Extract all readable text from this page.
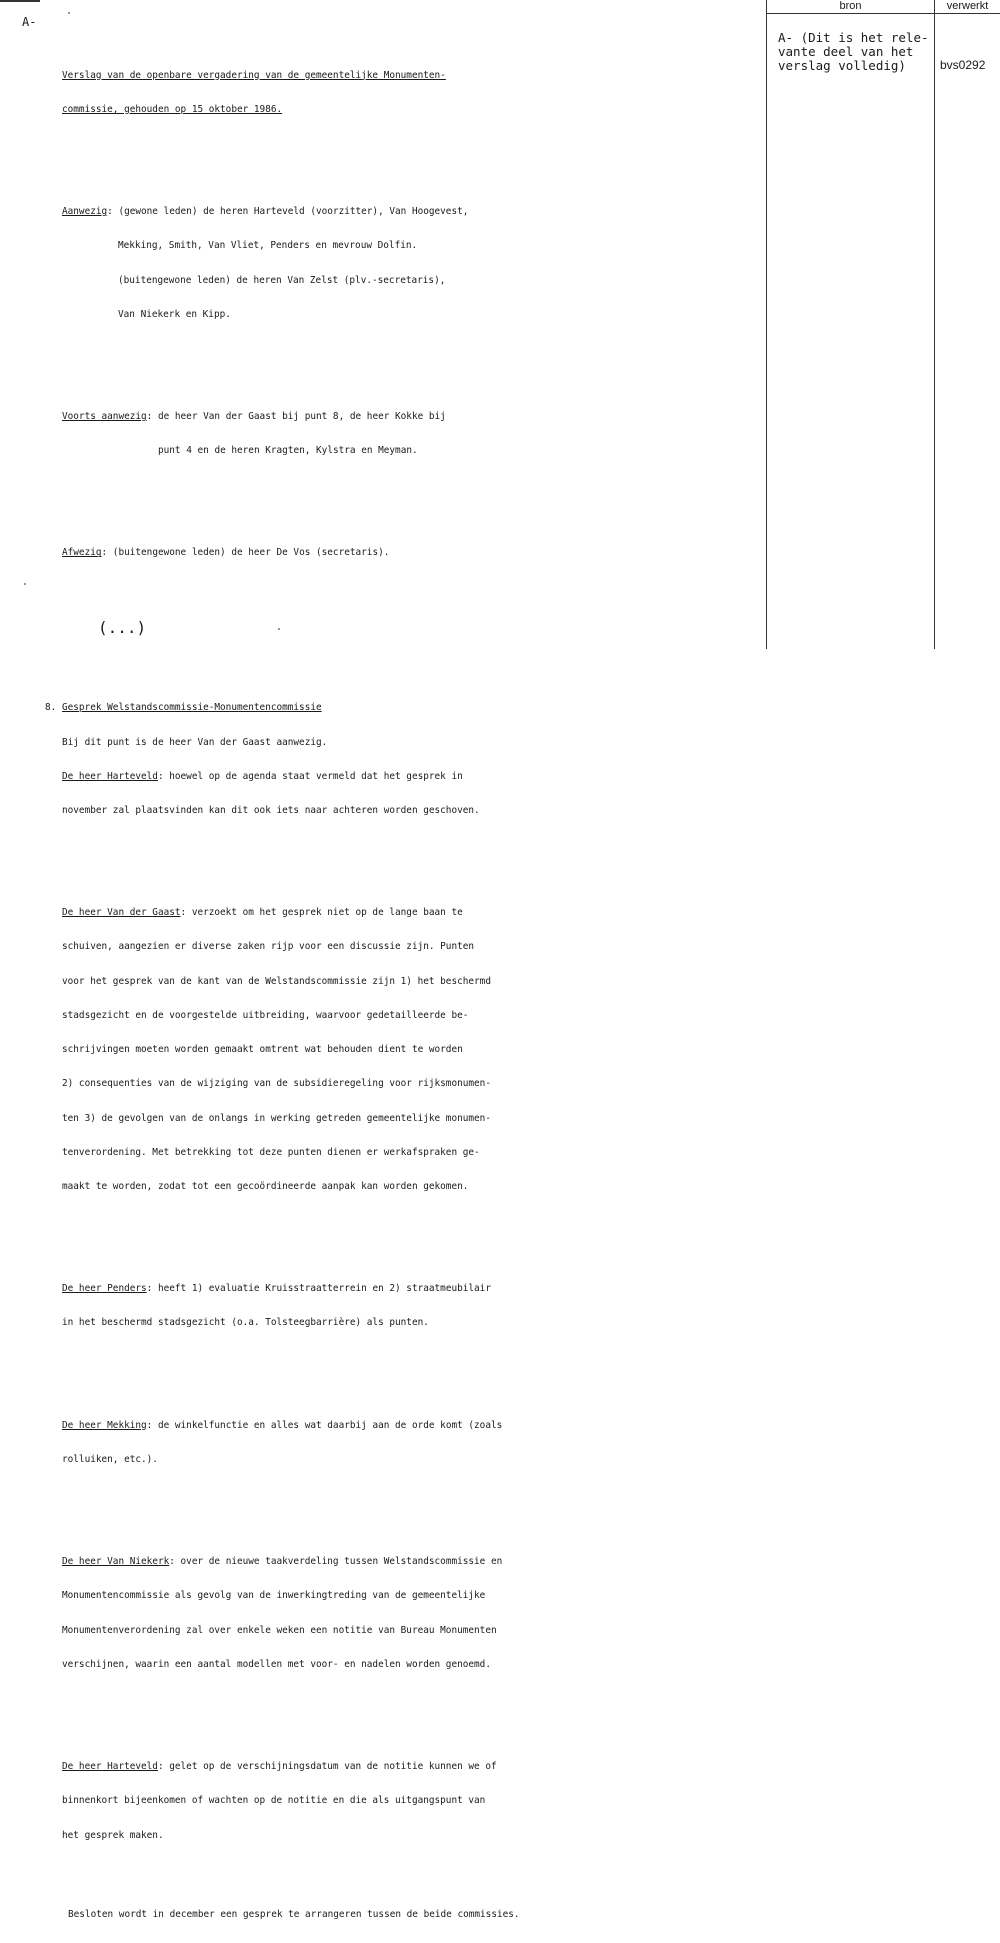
A-

Verslag van de openbare vergadering van de gemeentelijke Monumenten-

commissie, gehouden op 15 oktober 1986.

Aanwezig: (gewone leden) de heren Harteveld (voorzitter), Van Hoogevest,

Mekking, Smith, Van Vliet, Penders en mevrouw Dolfin.

(buitengewone leden) de heren Van Zelst (plv.-secretaris),

Van Niekerk en Kipp.

Voorts aanwezig: de heer Van der Gaast bij punt 8, de heer Kokke bij

punt 4 en de heren Kragten, Kylstra en Meyman.

Afwezig: (buitengewone leden) de heer De Vos (secretaris).

(...)

8. Gesprek Welstandscommissie-Monumentencommissie

Bij dit punt is de heer Van der Gaast aanwezig.

De heer Harteveld: hoewel op de agenda staat vermeld dat het gesprek in

november zal plaatsvinden kan dit ook iets naar achteren worden geschoven.

De heer Van der Gaast: verzoekt om het gesprek niet op de lange baan te

schuiven, aangezien er diverse zaken rijp voor een discussie zijn. Punten

voor het gesprek van de kant van de Welstandscommissie zijn 1) het beschermd

stadsgezicht en de voorgestelde uitbreiding, waarvoor gedetailleerde be-

schrijvingen moeten worden gemaakt omtrent wat behouden dient te worden

2) consequenties van de wijziging van de subsidieregeling voor rijksmonumen-

ten 3) de gevolgen van de onlangs in werking getreden gemeentelijke monumen-

tenverordening. Met betrekking tot deze punten dienen er werkafspraken ge-

maakt te worden, zodat tot een gecoördineerde aanpak kan worden gekomen.

De heer Penders: heeft 1) evaluatie Kruisstraatterrein en 2) straatmeubilair

in het beschermd stadsgezicht (o.a. Tolsteegbarrière) als punten.

De heer Mekking: de winkelfunctie en alles wat daarbij aan de orde komt (zoals

rolluiken, etc.).

De heer Van Niekerk: over de nieuwe taakverdeling tussen Welstandscommissie en

Monumentencommissie als gevolg van de inwerkingtreding van de gemeentelijke

Monumentenverordening zal over enkele weken een notitie van Bureau Monumenten

verschijnen, waarin een aantal modellen met voor- en nadelen worden genoemd.

De heer Harteveld: gelet op de verschijningsdatum van de notitie kunnen we of

binnenkort bijeenkomen of wachten op de notitie en die als uitgangspunt van

het gesprek maken.

Besloten wordt in december een gesprek te arrangeren tussen de beide commissies.

bron	verwerkt
A- (Dit is het rele-
vante deel van het
verslag volledig)	bvs0292
